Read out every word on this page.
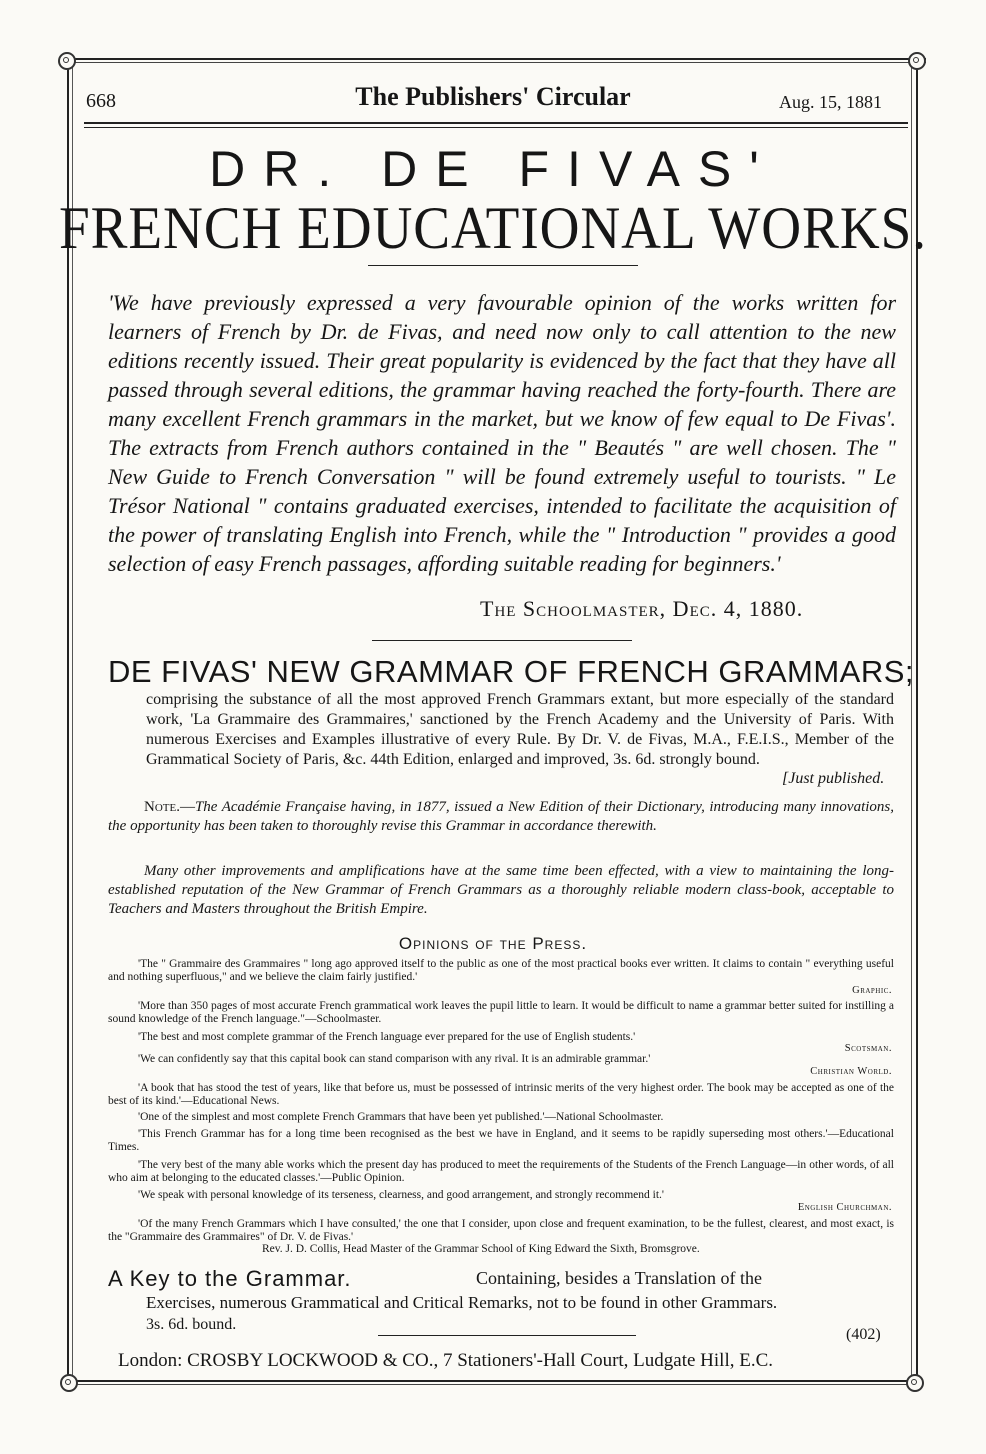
668	The Publishers' Circular	Aug. 15, 1881
DR. DE FIVAS'
FRENCH EDUCATIONAL WORKS.
'We have previously expressed a very favourable opinion of the works written for learners of French by Dr. de Fivas, and need now only to call attention to the new editions recently issued. Their great popularity is evidenced by the fact that they have all passed through several editions, the grammar having reached the forty-fourth. There are many excellent French grammars in the market, but we know of few equal to De Fivas'. The extracts from French authors contained in the " Beautés " are well chosen. The " New Guide to French Conversation " will be found extremely useful to tourists. " Le Trésor National " contains graduated exercises, intended to facilitate the acquisition of the power of translating English into French, while the " Introduction " provides a good selection of easy French passages, affording suitable reading for beginners.'
The Schoolmaster, Dec. 4, 1880.
DE FIVAS' NEW GRAMMAR OF FRENCH GRAMMARS;
comprising the substance of all the most approved French Grammars extant, but more especially of the standard work, 'La Grammaire des Grammaires,' sanctioned by the French Academy and the University of Paris. With numerous Exercises and Examples illustrative of every Rule. By Dr. V. de Fivas, M.A., F.E.I.S., Member of the Grammatical Society of Paris, &c. 44th Edition, enlarged and improved, 3s. 6d. strongly bound.
[Just published.
Note.—The Académie Française having, in 1877, issued a New Edition of their Dictionary, introducing many innovations, the opportunity has been taken to thoroughly revise this Grammar in accordance therewith.
Many other improvements and amplifications have at the same time been effected, with a view to maintaining the long-established reputation of the New Grammar of French Grammars as a thoroughly reliable modern class-book, acceptable to Teachers and Masters throughout the British Empire.
Opinions of the Press.
'The " Grammaire des Grammaires " long ago approved itself to the public as one of the most practical books ever written. It claims to contain " everything useful and nothing superfluous," and we believe the claim fairly justified.'
Graphic.
'More than 350 pages of most accurate French grammatical work leaves the pupil little to learn. It would be difficult to name a grammar better suited for instilling a sound knowledge of the French language."—Schoolmaster.
'The best and most complete grammar of the French language ever prepared for the use of English students.'
Scotsman.
'We can confidently say that this capital book can stand comparison with any rival. It is an admirable grammar.'
Christian World.
'A book that has stood the test of years, like that before us, must be possessed of intrinsic merits of the very highest order. The book may be accepted as one of the best of its kind.'—Educational News.
'One of the simplest and most complete French Grammars that have been yet published.'—National Schoolmaster.
'This French Grammar has for a long time been recognised as the best we have in England, and it seems to be rapidly superseding most others.'—Educational Times.
'The very best of the many able works which the present day has produced to meet the requirements of the Students of the French Language—in other words, of all who aim at belonging to the educated classes.'—Public Opinion.
'We speak with personal knowledge of its terseness, clearness, and good arrangement, and strongly recommend it.'
English Churchman.
'Of the many French Grammars which I have consulted,' the one that I consider, upon close and frequent examination, to be the fullest, clearest, and most exact, is the "Grammaire des Grammaires" of Dr. V. de Fivas.'
Rev. J. D. Collis, Head Master of the Grammar School of King Edward the Sixth, Bromsgrove.
A Key to the Grammar.	Containing, besides a Translation of the
Exercises, numerous Grammatical and Critical Remarks, not to be found in other Grammars.
3s. 6d. bound.
(402)
London: CROSBY LOCKWOOD & CO., 7 Stationers'-Hall Court, Ludgate Hill, E.C.
